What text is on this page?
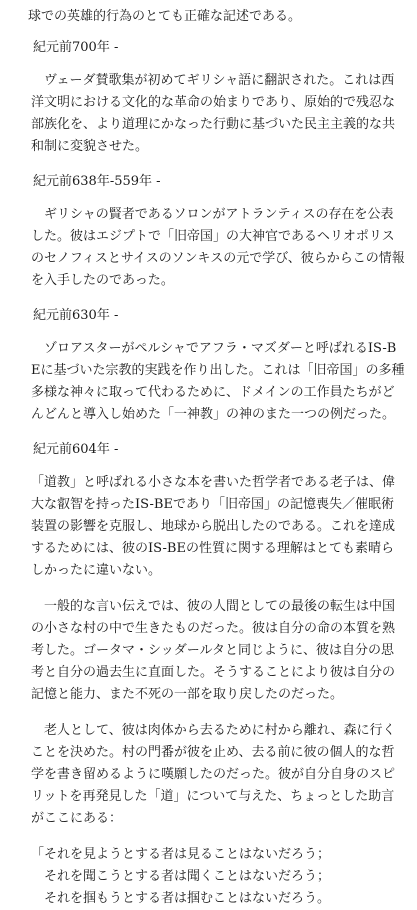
球での英雄的行為のとても正確な記述である。

紀元前700年 -

ヴェーダ賛歌集が初めてギリシャ語に翻訳された。これは西洋文明における文化的な革命の始まりであり、原始的で残忍な部族化を、より道理にかなった行動に基づいた民主主義的な共和制に変貌させた。

紀元前638年-559年 -

ギリシャの賢者であるソロンがアトランティスの存在を公表した。彼はエジプトで「旧帝国」の大神官であるヘリオポリスのセノフィスとサイスのソンキスの元で学び、彼らからこの情報を入手したのであった。

紀元前630年 -

ゾロアスターがペルシャでアフラ・マズダーと呼ばれるIS-BEに基づいた宗教的実践を作り出した。これは「旧帝国」の多種多様な神々に取って代わるために、ドメインの工作員たちがどんどんと導入し始めた「一神教」の神のまた一つの例だった。

紀元前604年 -

「道教」と呼ばれる小さな本を書いた哲学者である老子は、偉大な叡智を持ったIS-BEであり「旧帝国」の記憶喪失／催眠術装置の影響を克服し、地球から脱出したのである。これを達成するためには、彼のIS-BEの性質に関する理解はとても素晴らしかったに違いない。

一般的な言い伝えでは、彼の人間としての最後の転生は中国の小さな村の中で生きたものだった。彼は自分の命の本質を熟考した。ゴータマ・シッダールタと同じように、彼は自分の思考と自分の過去生に直面した。そうすることにより彼は自分の記憶と能力、また不死の一部を取り戻したのだった。

老人として、彼は肉体から去るために村から離れ、森に行くことを決めた。村の門番が彼を止め、去る前に彼の個人的な哲学を書き留めるように嘆願したのだった。彼が自分自身のスピリットを再発見した「道」について与えた、ちょっとした助言がここにある：

「それを見ようとする者は見ることはないだろう；

それを聞こうとする者は聞くことはないだろう；

それを掴もうとする者は掴むことはないだろう。
